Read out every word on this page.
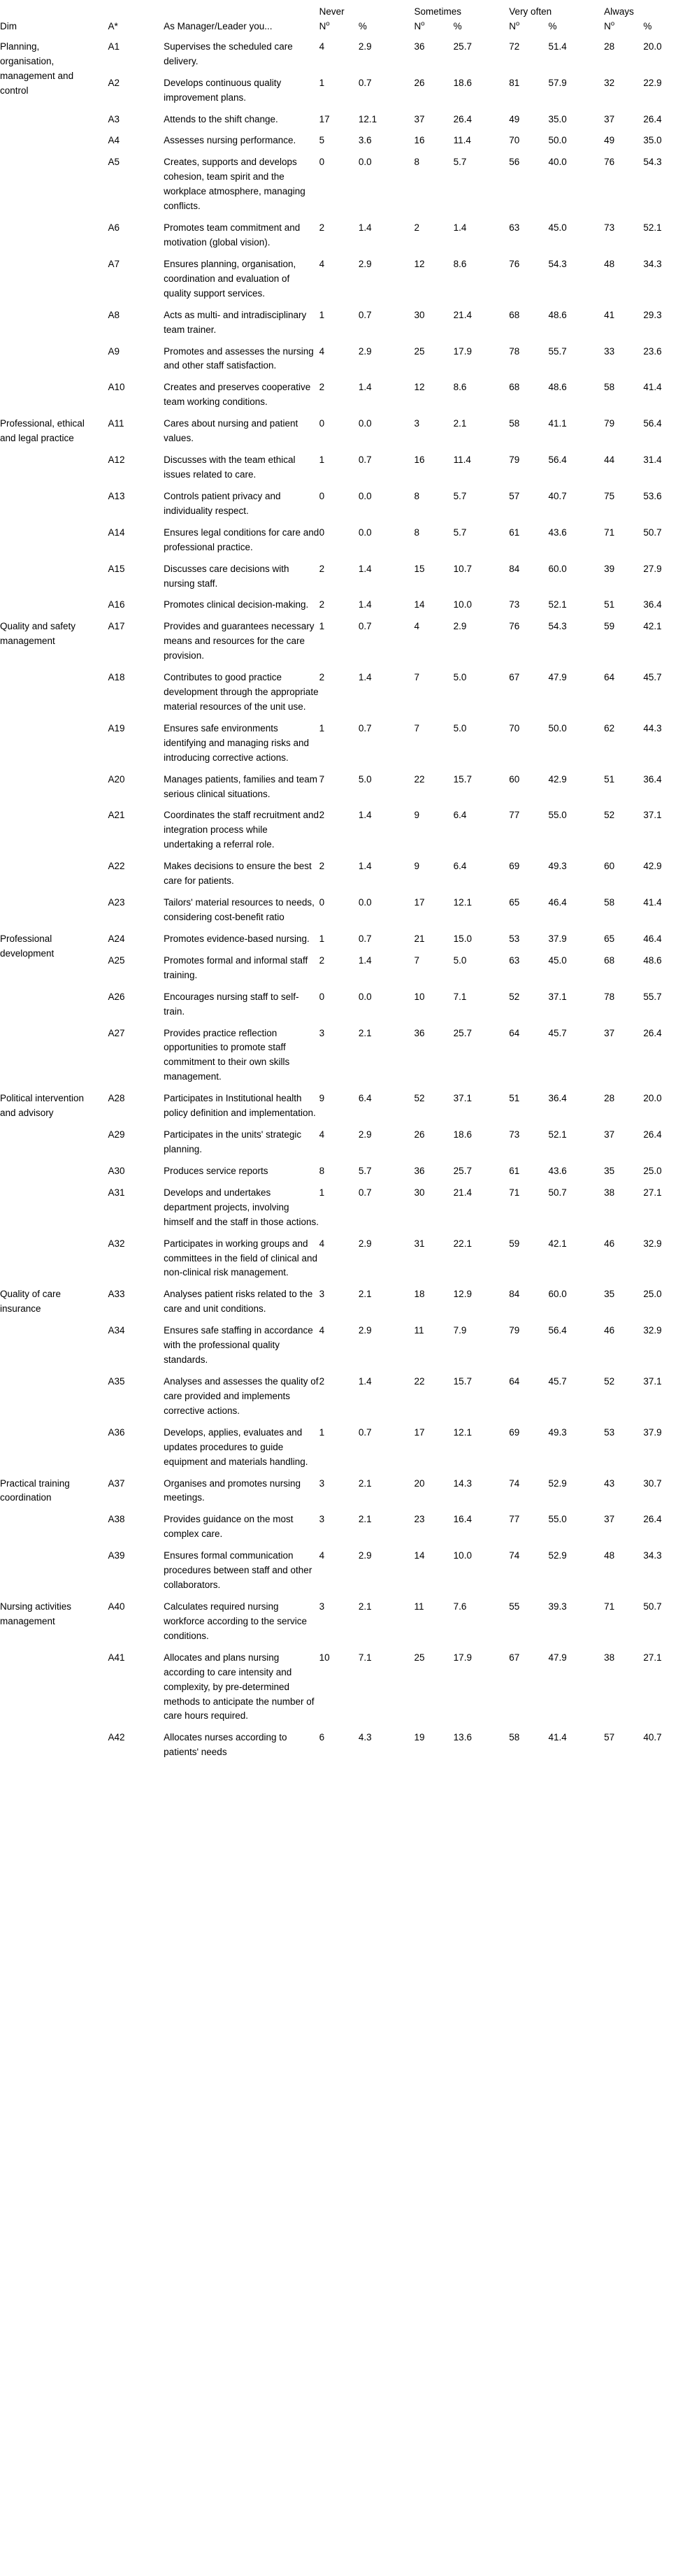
					Never		Sometimes		Very often		Always	

Dim		A*	As Manager/Leader you...		$N^o$	%	$N^o$	%	$N^o$	%	$N^o$	%
Planning, organisation, management and control		A1	Supervises the scheduled care delivery.		4	2.9	36	25.7	72	51.4	28	20.0
		A2	Develops continuous quality improvement plans.		1	0.7	26	18.6	81	57.9	32	22.9
		A3	Attends to the shift change.		17	12.1	37	26.4	49	35.0	37	26.4
		A4	Assesses nursing performance.		5	3.6	16	11.4	70	50.0	49	35.0
		A5	Creates, supports and develops cohesion, team spirit and the workplace atmosphere, managing conflicts.		0	0.0	8	5.7	56	40.0	76	54.3
		A6	Promotes team commitment and motivation (global vision).		2	1.4	2	1.4	63	45.0	73	52.1
		A7	Ensures planning, organisation, coordination and evaluation of quality support services.		4	2.9	12	8.6	76	54.3	48	34.3
		A8	Acts as multi- and intradisciplinary team trainer.		1	0.7	30	21.4	68	48.6	41	29.3
		A9	Promotes and assesses the nursing and other staff satisfaction.		4	2.9	25	17.9	78	55.7	33	23.6
		A10	Creates and preserves cooperative team working conditions.		2	1.4	12	8.6	68	48.6	58	41.4
Professional, ethical and legal practice		A11	Cares about nursing and patient values.		0	0.0	3	2.1	58	41.1	79	56.4
		A12	Discusses with the team ethical issues related to care.		1	0.7	16	11.4	79	56.4	44	31.4
		A13	Controls patient privacy and individuality respect.		0	0.0	8	5.7	57	40.7	75	53.6
		A14	Ensures legal conditions for care and professional practice.		0	0.0	8	5.7	61	43.6	71	50.7
		A15	Discusses care decisions with nursing staff.		2	1.4	15	10.7	84	60.0	39	27.9
		A16	Promotes clinical decision-making.		2	1.4	14	10.0	73	52.1	51	36.4
Quality and safety management		A17	Provides and guarantees necessary means and resources for the care provision.		1	0.7	4	2.9	76	54.3	59	42.1
		A18	Contributes to good practice development through the appropriate material resources of the unit use.		2	1.4	7	5.0	67	47.9	64	45.7
		A19	Ensures safe environments identifying and managing risks and introducing corrective actions.		1	0.7	7	5.0	70	50.0	62	44.3
		A20	Manages patients, families and team serious clinical situations.		7	5.0	22	15.7	60	42.9	51	36.4
		A21	Coordinates the staff recruitment and integration process while undertaking a referral role.		2	1.4	9	6.4	77	55.0	52	37.1
		A22	Makes decisions to ensure the best care for patients.		2	1.4	9	6.4	69	49.3	60	42.9
		A23	Tailors' material resources to needs, considering cost-benefit ratio		0	0.0	17	12.1	65	46.4	58	41.4
Professional development		A24	Promotes evidence-based nursing.		1	0.7	21	15.0	53	37.9	65	46.4
		A25	Promotes formal and informal staff training.		2	1.4	7	5.0	63	45.0	68	48.6
		A26	Encourages nursing staff to self-train.		0	0.0	10	7.1	52	37.1	78	55.7
		A27	Provides practice reflection opportunities to promote staff commitment to their own skills management.		3	2.1	36	25.7	64	45.7	37	26.4
Political intervention and advisory		A28	Participates in Institutional health policy definition and implementation.		9	6.4	52	37.1	51	36.4	28	20.0
		A29	Participates in the units' strategic planning.		4	2.9	26	18.6	73	52.1	37	26.4
		A30	Produces service reports		8	5.7	36	25.7	61	43.6	35	25.0
		A31	Develops and undertakes department projects, involving himself and the staff in those actions.		1	0.7	30	21.4	71	50.7	38	27.1
		A32	Participates in working groups and committees in the field of clinical and non-clinical risk management.		4	2.9	31	22.1	59	42.1	46	32.9
Quality of care insurance		A33	Analyses patient risks related to the care and unit conditions.		3	2.1	18	12.9	84	60.0	35	25.0
		A34	Ensures safe staffing in accordance with the professional quality standards.		4	2.9	11	7.9	79	56.4	46	32.9
		A35	Analyses and assesses the quality of care provided and implements corrective actions.		2	1.4	22	15.7	64	45.7	52	37.1
		A36	Develops, applies, evaluates and updates procedures to guide equipment and materials handling.		1	0.7	17	12.1	69	49.3	53	37.9
Practical training coordination		A37	Organises and promotes nursing meetings.		3	2.1	20	14.3	74	52.9	43	30.7
		A38	Provides guidance on the most complex care.		3	2.1	23	16.4	77	55.0	37	26.4
		A39	Ensures formal communication procedures between staff and other collaborators.		4	2.9	14	10.0	74	52.9	48	34.3
Nursing activities management		A40	Calculates required nursing workforce according to the service conditions.		3	2.1	11	7.6	55	39.3	71	50.7
		A41	Allocates and plans nursing according to care intensity and complexity, by pre-determined methods to anticipate the number of care hours required.		10	7.1	25	17.9	67	47.9	38	27.1
		A42	Allocates nurses according to patients' needs		6	4.3	19	13.6	58	41.4	57	40.7
